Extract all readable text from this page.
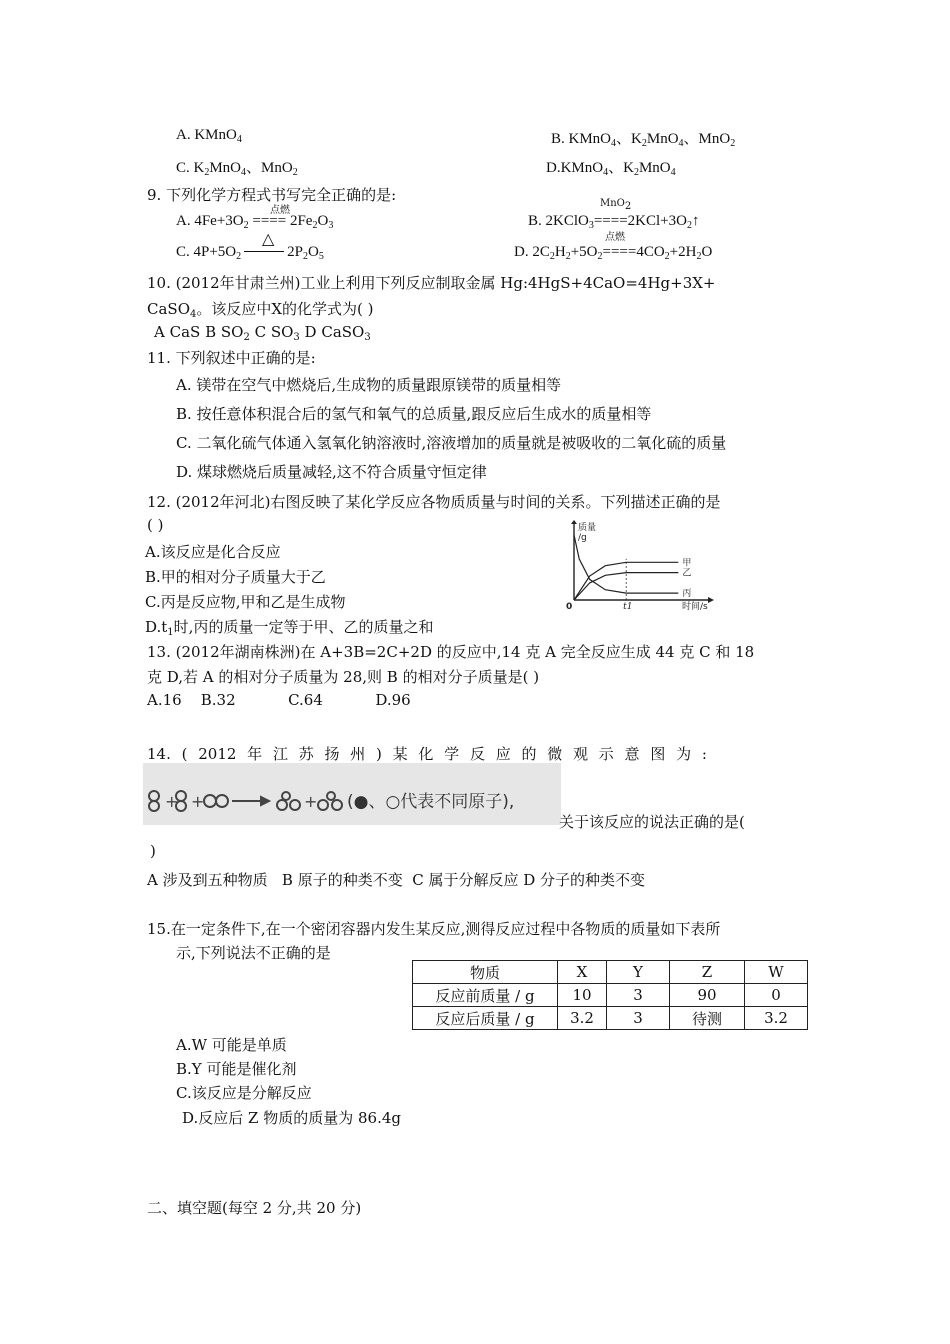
A. KMnO$_4$	B. KMnO$_4$、$K_2MnO_4$、MnO$_2$
C. $K_2MnO_4$、MnO$_2$	D.KMnO$_4$、$K_2MnO_4$
9. 下列化学方程式书写完全正确的是:
点燃
A. $4Fe+3O_2$ ==== $2Fe_2O_3$
MnO$_2$
B. $2KClO_3====2KCl+3O_2↑$
△
C. $4P+5O_2$	$2P_2O_5$
点燃
D. $2C_2H_2+5O_2====4CO_2+2H_2O$
10. (2012年甘肃兰州)工业上利用下列反应制取金属 Hg:4HgS+4CaO=4Hg+3X+
CaSO$_4$。该反应中X的化学式为( )
A CaS B $SO_2$ C $SO_3$ D CaSO$_3$
11. 下列叙述中正确的是:
A. 镁带在空气中燃烧后,生成物的质量跟原镁带的质量相等
B. 按任意体积混合后的氢气和氧气的总质量,跟反应后生成水的质量相等
C. 二氧化硫气体通入氢氧化钠溶液时,溶液增加的质量就是被吸收的二氧化硫的质量
D. 煤球燃烧后质量减轻,这不符合质量守恒定律
12. (2012年河北)右图反映了某化学反应各物质质量与时间的关系。下列描述正确的是
( )
A.该反应是化合反应
B.甲的相对分子质量大于乙
C.丙是反应物,甲和乙是生成物
$D.t_1$时,丙的质量一定等于甲、乙的质量之和
质量
/g
时间/s
0	t1
甲
乙
丙
13. (2012年湖南株洲)在 A+3B=2C+2D 的反应中,14 克 A 完全反应生成 44 克 C 和 18
克 D,若 A 的相对分子质量为 28,则 B 的相对分子质量是( )
A.16    B.32           C.64           D.96
14. ( 2012 年 江 苏 扬 州 ) 某 化 学 反 应 的 微 观 示 意 图 为 :
+ +	+ (●、○代表不同原子),
关于该反应的说法正确的是(
)
A 涉及到五种物质   B 原子的种类不变  C 属于分解反应 D 分子的种类不变
15.在一定条件下,在一个密闭容器内发生某反应,测得反应过程中各物质的质量如下表所
示,下列说法不正确的是
物质	X	Y	Z	W
反应前质量 / g	10	3	90	0
反应后质量 / g	3.2	3	待测	3.2
A.W 可能是单质
B.Y 可能是催化剂
C.该反应是分解反应
D.反应后 Z 物质的质量为 86.4g
二、填空题(每空 2 分,共 20 分)
